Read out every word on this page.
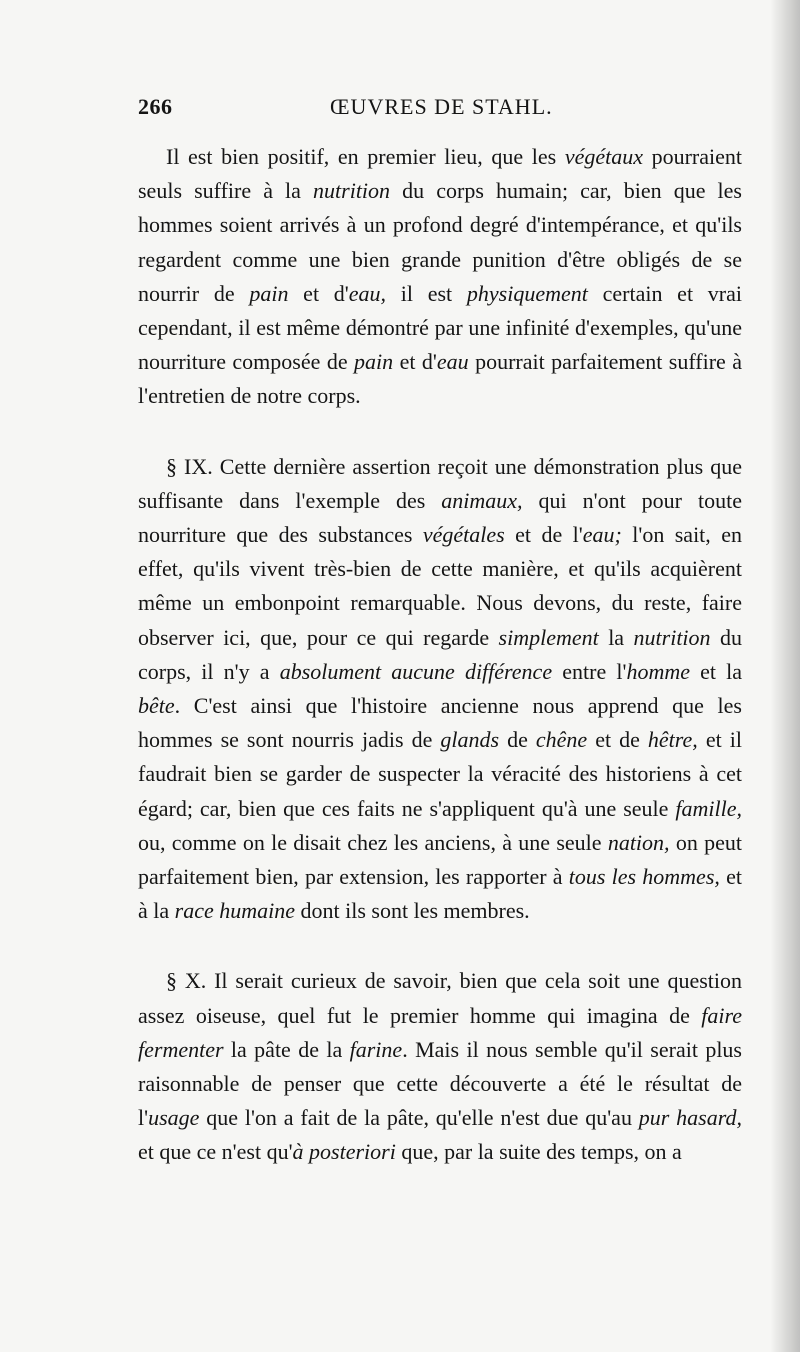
266	ŒUVRES DE STAHL.

Il est bien positif, en premier lieu, que les végétaux pourraient seuls suffire à la nutrition du corps humain; car, bien que les hommes soient arrivés à un profond degré d'intempérance, et qu'ils regardent comme une bien grande punition d'être obligés de se nourrir de pain et d'eau, il est physiquement certain et vrai cependant, il est même démontré par une infinité d'exemples, qu'une nourriture composée de pain et d'eau pourrait parfaitement suffire à l'entretien de notre corps.

§ IX. Cette dernière assertion reçoit une démonstration plus que suffisante dans l'exemple des animaux, qui n'ont pour toute nourriture que des substances végétales et de l'eau; l'on sait, en effet, qu'ils vivent très-bien de cette manière, et qu'ils acquièrent même un embonpoint remarquable. Nous devons, du reste, faire observer ici, que, pour ce qui regarde simplement la nutrition du corps, il n'y a absolument aucune différence entre l'homme et la bête. C'est ainsi que l'histoire ancienne nous apprend que les hommes se sont nourris jadis de glands de chêne et de hêtre, et il faudrait bien se garder de suspecter la véracité des historiens à cet égard; car, bien que ces faits ne s'appliquent qu'à une seule famille, ou, comme on le disait chez les anciens, à une seule nation, on peut parfaitement bien, par extension, les rapporter à tous les hommes, et à la race humaine dont ils sont les membres.

§ X. Il serait curieux de savoir, bien que cela soit une question assez oiseuse, quel fut le premier homme qui imagina de faire fermenter la pâte de la farine. Mais il nous semble qu'il serait plus raisonnable de penser que cette découverte a été le résultat de l'usage que l'on a fait de la pâte, qu'elle n'est due qu'au pur hasard, et que ce n'est qu'à posteriori que, par la suite des temps, on a
